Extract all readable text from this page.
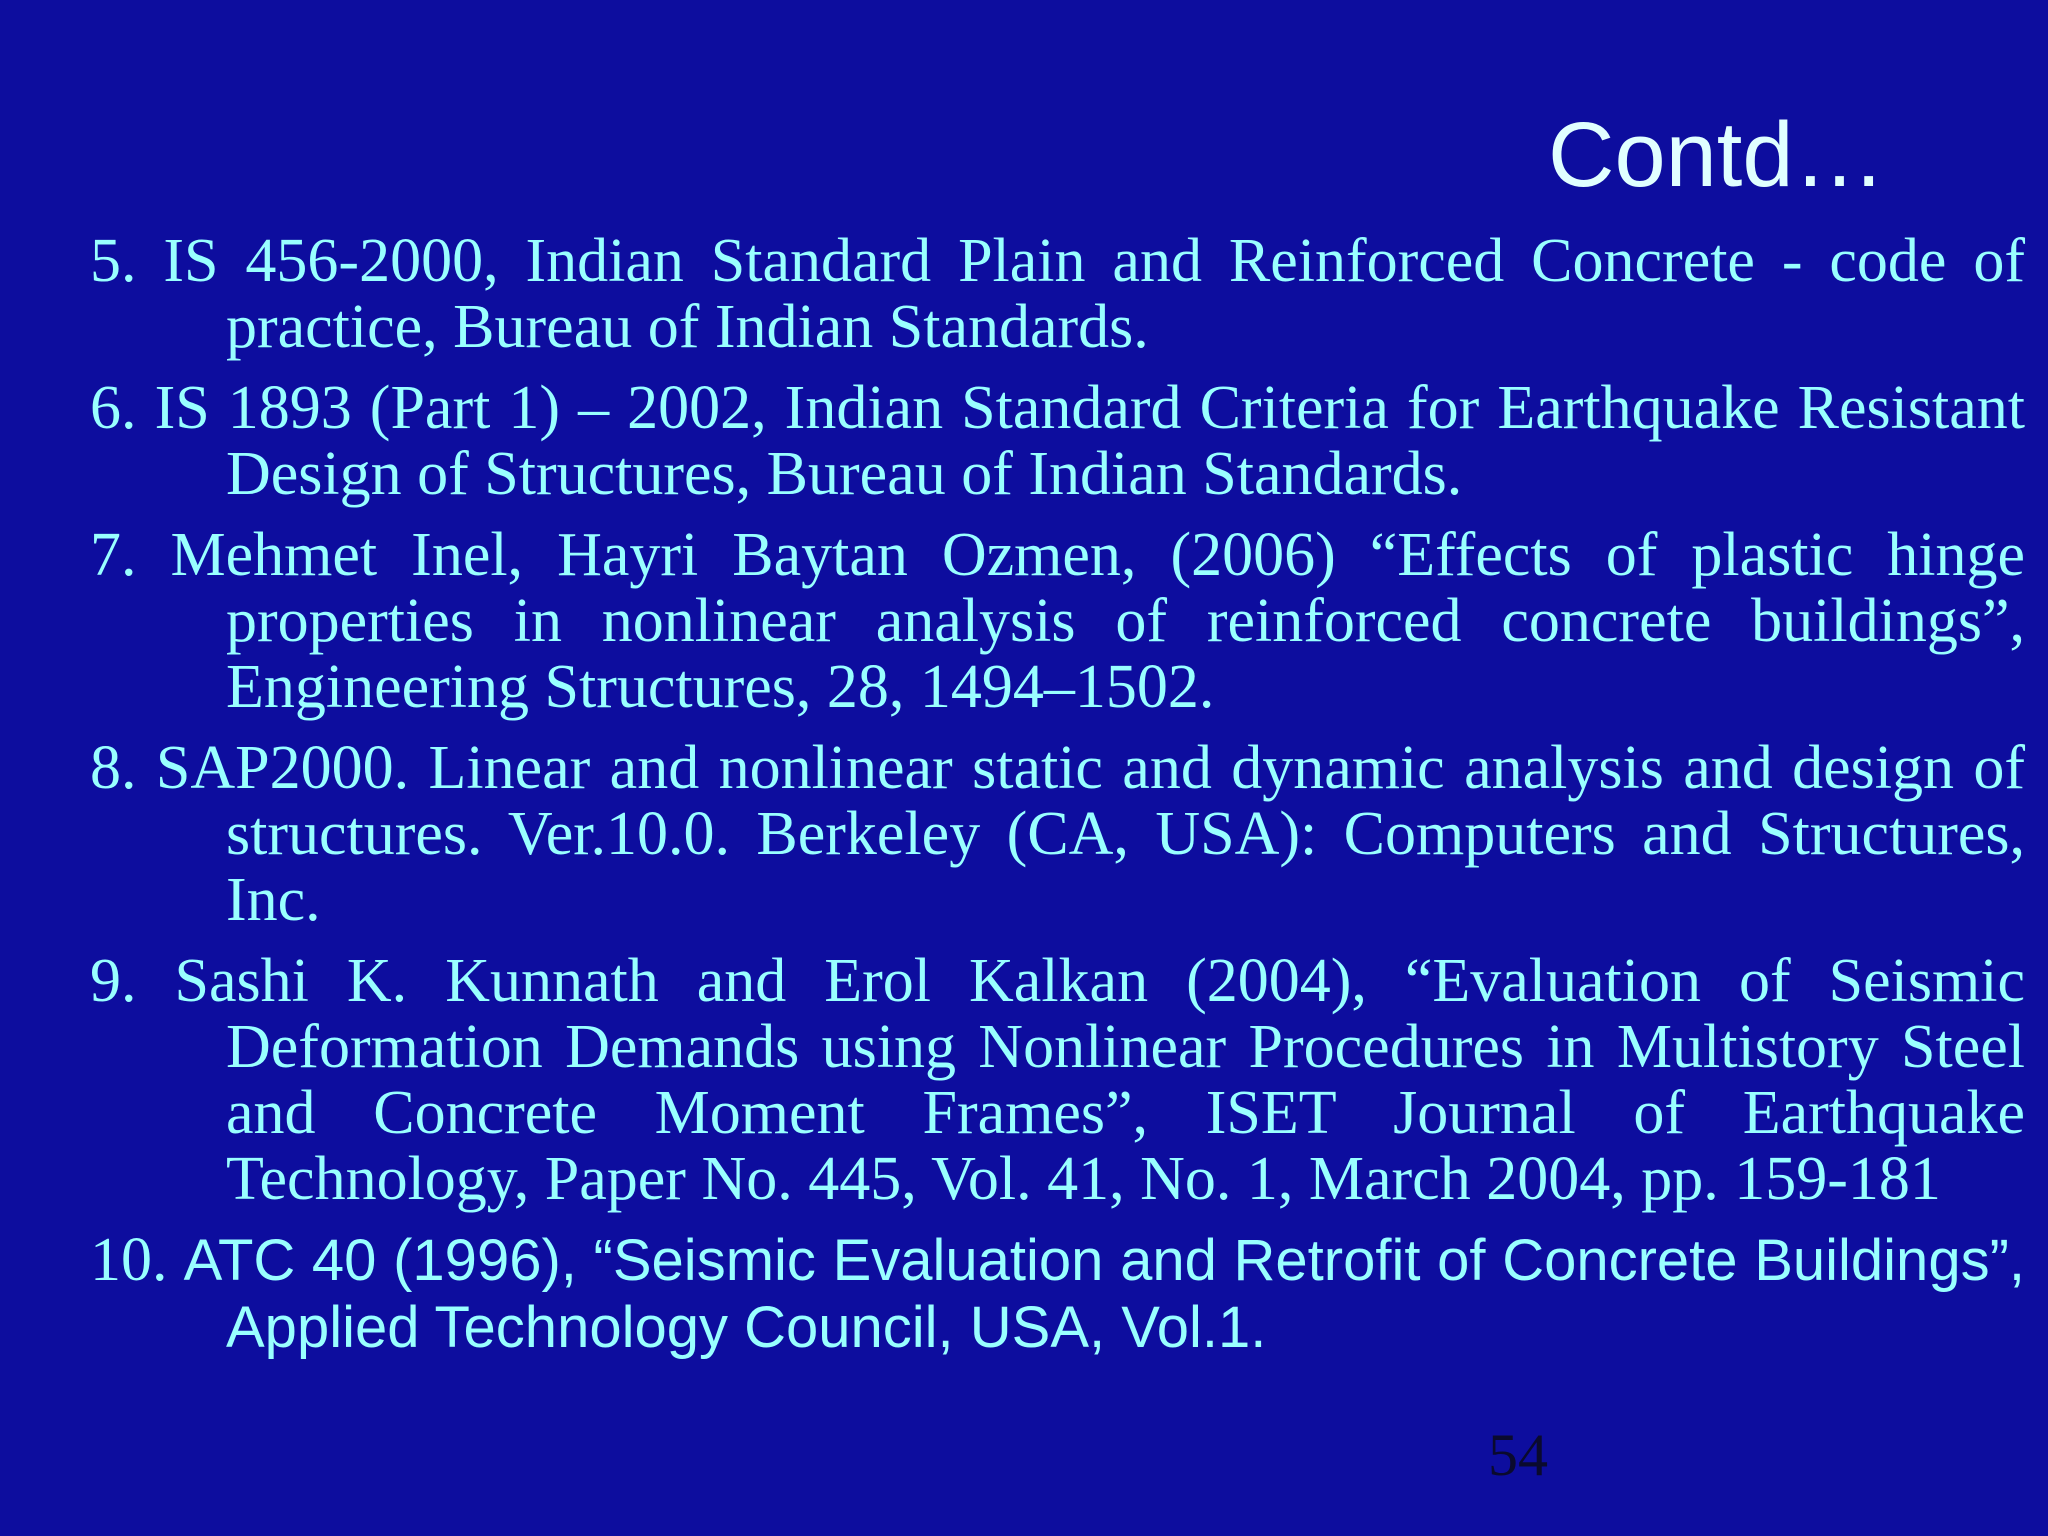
Contd…
5. IS 456-2000, Indian Standard Plain and Reinforced Concrete - code of practice, Bureau of Indian Standards.
6. IS 1893 (Part 1) – 2002, Indian Standard Criteria for Earthquake Resistant Design of Structures, Bureau of Indian Standards.
7. Mehmet Inel, Hayri Baytan Ozmen, (2006) “Effects of plastic hinge properties in nonlinear analysis of reinforced concrete buildings”, Engineering Structures, 28, 1494–1502.
8. SAP2000. Linear and nonlinear static and dynamic analysis and design of structures. Ver.10.0. Berkeley (CA, USA): Computers and Structures, Inc.
9. Sashi K. Kunnath and Erol Kalkan (2004), “Evaluation of Seismic Deformation Demands using Nonlinear Procedures in Multistory Steel and Concrete Moment Frames”, ISET Journal of Earthquake Technology, Paper No. 445, Vol. 41, No. 1, March 2004, pp. 159-181
10. ATC 40 (1996), “Seismic Evaluation and Retrofit of Concrete Buildings”, Applied Technology Council, USA, Vol.1.
54
